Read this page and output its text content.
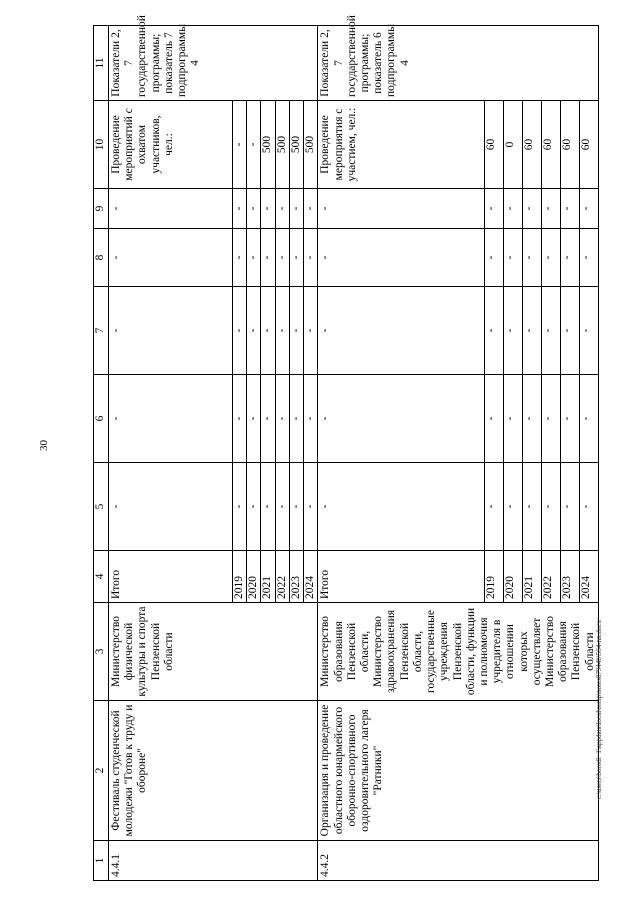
30
1	2	3	4	5	6	7	8	9	10	11
4.4.1	Фестиваль студенческой молодежи "Готов к труду и обороне"	Министерство физической культуры и спорта Пензенской области	Итого	-	-	-	-	-	Проведение мероприятий с охватом участников, чел.:	Показатели 2, 7 государственной программы; показатель 7 подпрограммы 4
			2019	-	-	-	-	-	-	
			2020	-	-	-	-	-	-	
			2021	-	-	-	-	-	500	
			2022	-	-	-	-	-	500	
			2023	-	-	-	-	-	500	
			2024	-	-	-	-	-	500	
4.4.2	Организация и проведение областного юнармейского оборонно-спортивного оздоровительного лагеря "Ратники"	Министерство образования Пензенской области, Министерство здравоохранения Пензенской области, государственные учреждения Пензенской области, функции и полномочия учредителя в отношении которых осуществляет Министерство образования Пензенской области	Итого	-	-	-	-	-	Проведение мероприятия с участием, чел.:	Показатели 2, 7 государственной программы; показатель 6 подпрограммы 4
			2019	-	-	-	-	-	60	
			2020	-	-	-	-	-	0	
			2021	-	-	-	-	-	60	
			2022	-	-	-	-	-	60	
			2023	-	-	-	-	-	60	
			2024	-	-	-	-	-	60	
c:\users\borodi~1\appdata\local\temp\notes87944b\564-nn.docx
